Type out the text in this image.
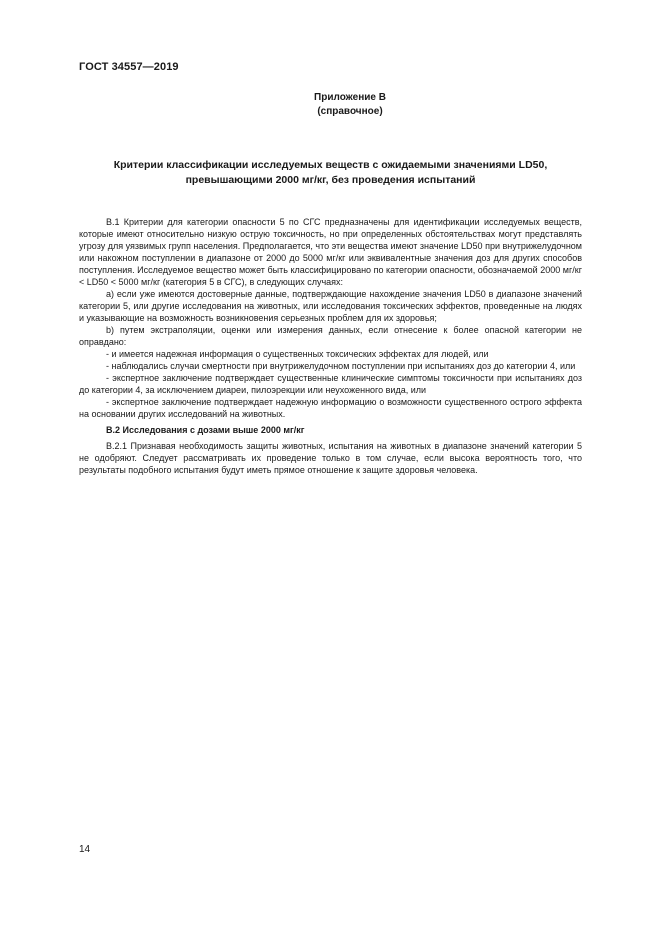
ГОСТ 34557—2019
Приложение В
(справочное)
Критерии классификации исследуемых веществ с ожидаемыми значениями LD50,
превышающими 2000 мг/кг, без проведения испытаний

В.1 Критерии для категории опасности 5 по СГС предназначены для идентификации исследуемых веществ, которые имеют относительно низкую острую токсичность, но при определенных обстоятельствах могут представлять угрозу для уязвимых групп населения. Предполагается, что эти вещества имеют значение LD50 при внутрижелудочном или накожном поступлении в диапазоне от 2000 до 5000 мг/кг или эквивалентные значения доз для других способов поступления. Исследуемое вещество может быть классифицировано по категории опасности, обозначаемой 2000 мг/кг < LD50 < 5000 мг/кг (категория 5 в СГС), в следующих случаях:

а) если уже имеются достоверные данные, подтверждающие нахождение значения LD50 в диапазоне значений категории 5, или другие исследования на животных, или исследования токсических эффектов, проведенные на людях и указывающие на возможность возникновения серьезных проблем для их здоровья;

b) путем экстраполяции, оценки или измерения данных, если отнесение к более опасной категории не оправдано:

- и имеется надежная информация о существенных токсических эффектах для людей, или

- наблюдались случаи смертности при внутрижелудочном поступлении при испытаниях доз до категории 4, или

- экспертное заключение подтверждает существенные клинические симптомы токсичности при испытаниях доз до категории 4, за исключением диареи, пилоэрекции или неухоженного вида, или

- экспертное заключение подтверждает надежную информацию о возможности существенного острого эффекта на основании других исследований на животных.

В.2 Исследования с дозами выше 2000 мг/кг

В.2.1 Признавая необходимость защиты животных, испытания на животных в диапазоне значений категории 5 не одобряют. Следует рассматривать их проведение только в том случае, если высока вероятность того, что результаты подобного испытания будут иметь прямое отношение к защите здоровья человека.

14
